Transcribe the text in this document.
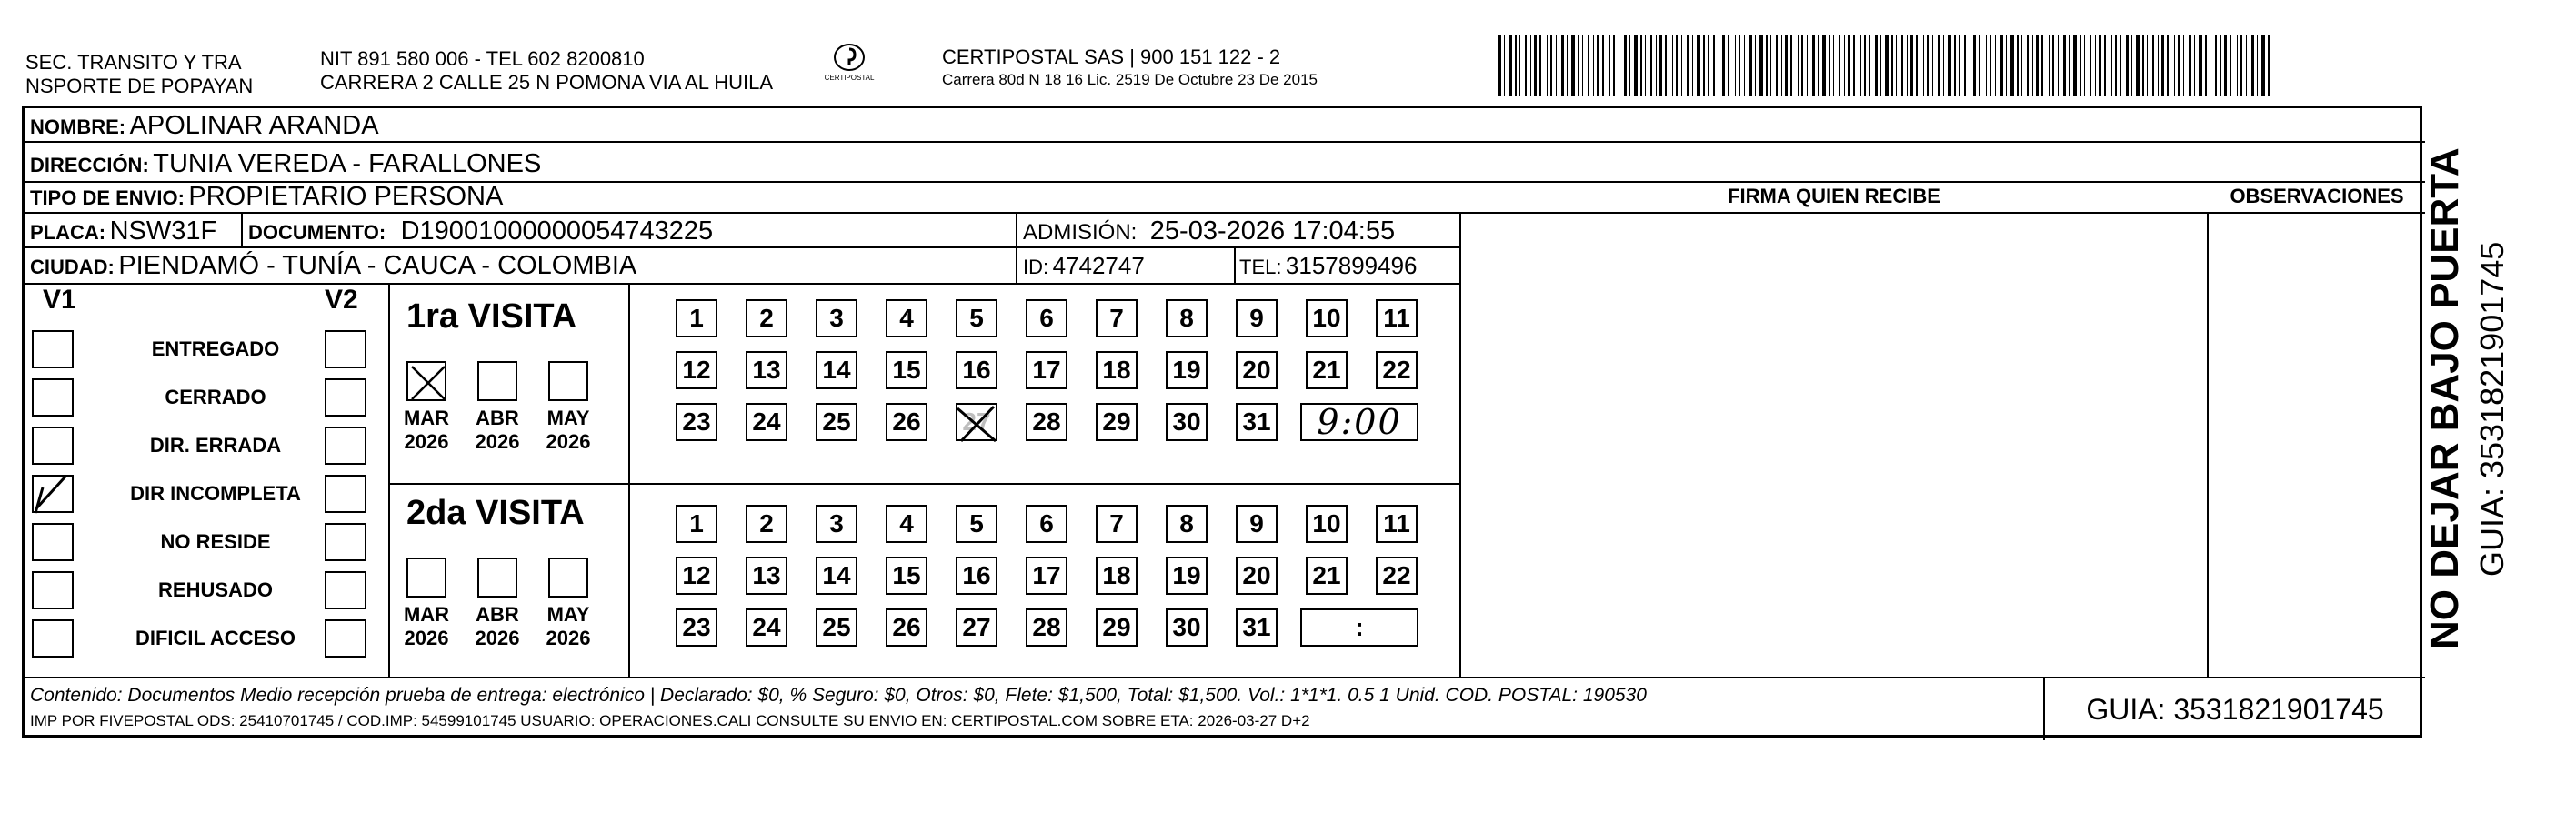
SEC. TRANSITO Y TRA
NSPORTE DE POPAYAN
NIT 891 580 006 - TEL 602 8200810
CARRERA 2 CALLE 25 N POMONA VIA AL HUILA	CERTIPOSTAL
CERTIPOSTAL SAS | 900 151 122 - 2
Carrera 80d N 18 16 Lic. 2519 De Octubre 23 De 2015
NOMBRE: APOLINAR ARANDA
DIRECCIÓN: TUNIA VEREDA - FARALLONES
TIPO DE ENVIO: PROPIETARIO PERSONA
PLACA: NSW31F DOCUMENTO: D19001000000054743225	ADMISIÓN: 25-03-2026 17:04:55
CIUDAD: PIENDAMÓ - TUNÍA - CAUCA - COLOMBIA	ID: 4742747	TEL: 3157899496
FIRMA QUIEN RECIBE	OBSERVACIONES
V1	V2
ENTREGADO
CERRADO
DIR. ERRADA
DIR INCOMPLETA
NO RESIDE
REHUSADO
DIFICIL ACCESO
1ra VISITA
MAR
2026
ABR
2026
MAY
2026
1	2	3	4	5	6	7	8	9	10 11
12 13 14 15 16 17 18 19 20 21 22
23 24 25 26 27 28 29 30 31 9:00
2da VISITA
MAR
2026
ABR
2026
MAY
2026
1	2	3	4	5	6	7	8	9	10 11
12 13 14 15 16 17 18 19 20 21 22
23 24 25 26 27 28 29 30 31	:
Contenido: Documentos Medio recepción prueba de entrega: electrónico | Declarado: $0, % Seguro: $0, Otros: $0, Flete: $1,500, Total: $1,500. Vol.: 1*1*1. 0.5 1 Unid. COD. POSTAL: 190530
IMP POR FIVEPOSTAL ODS: 25410701745 / COD.IMP: 54599101745 USUARIO: OPERACIONES.CALI CONSULTE SU ENVIO EN: CERTIPOSTAL.COM SOBRE ETA: 2026-03-27 D+2	GUIA: 3531821901745
NO DEJAR BAJO PUERTA GUIA: 3531821901745
